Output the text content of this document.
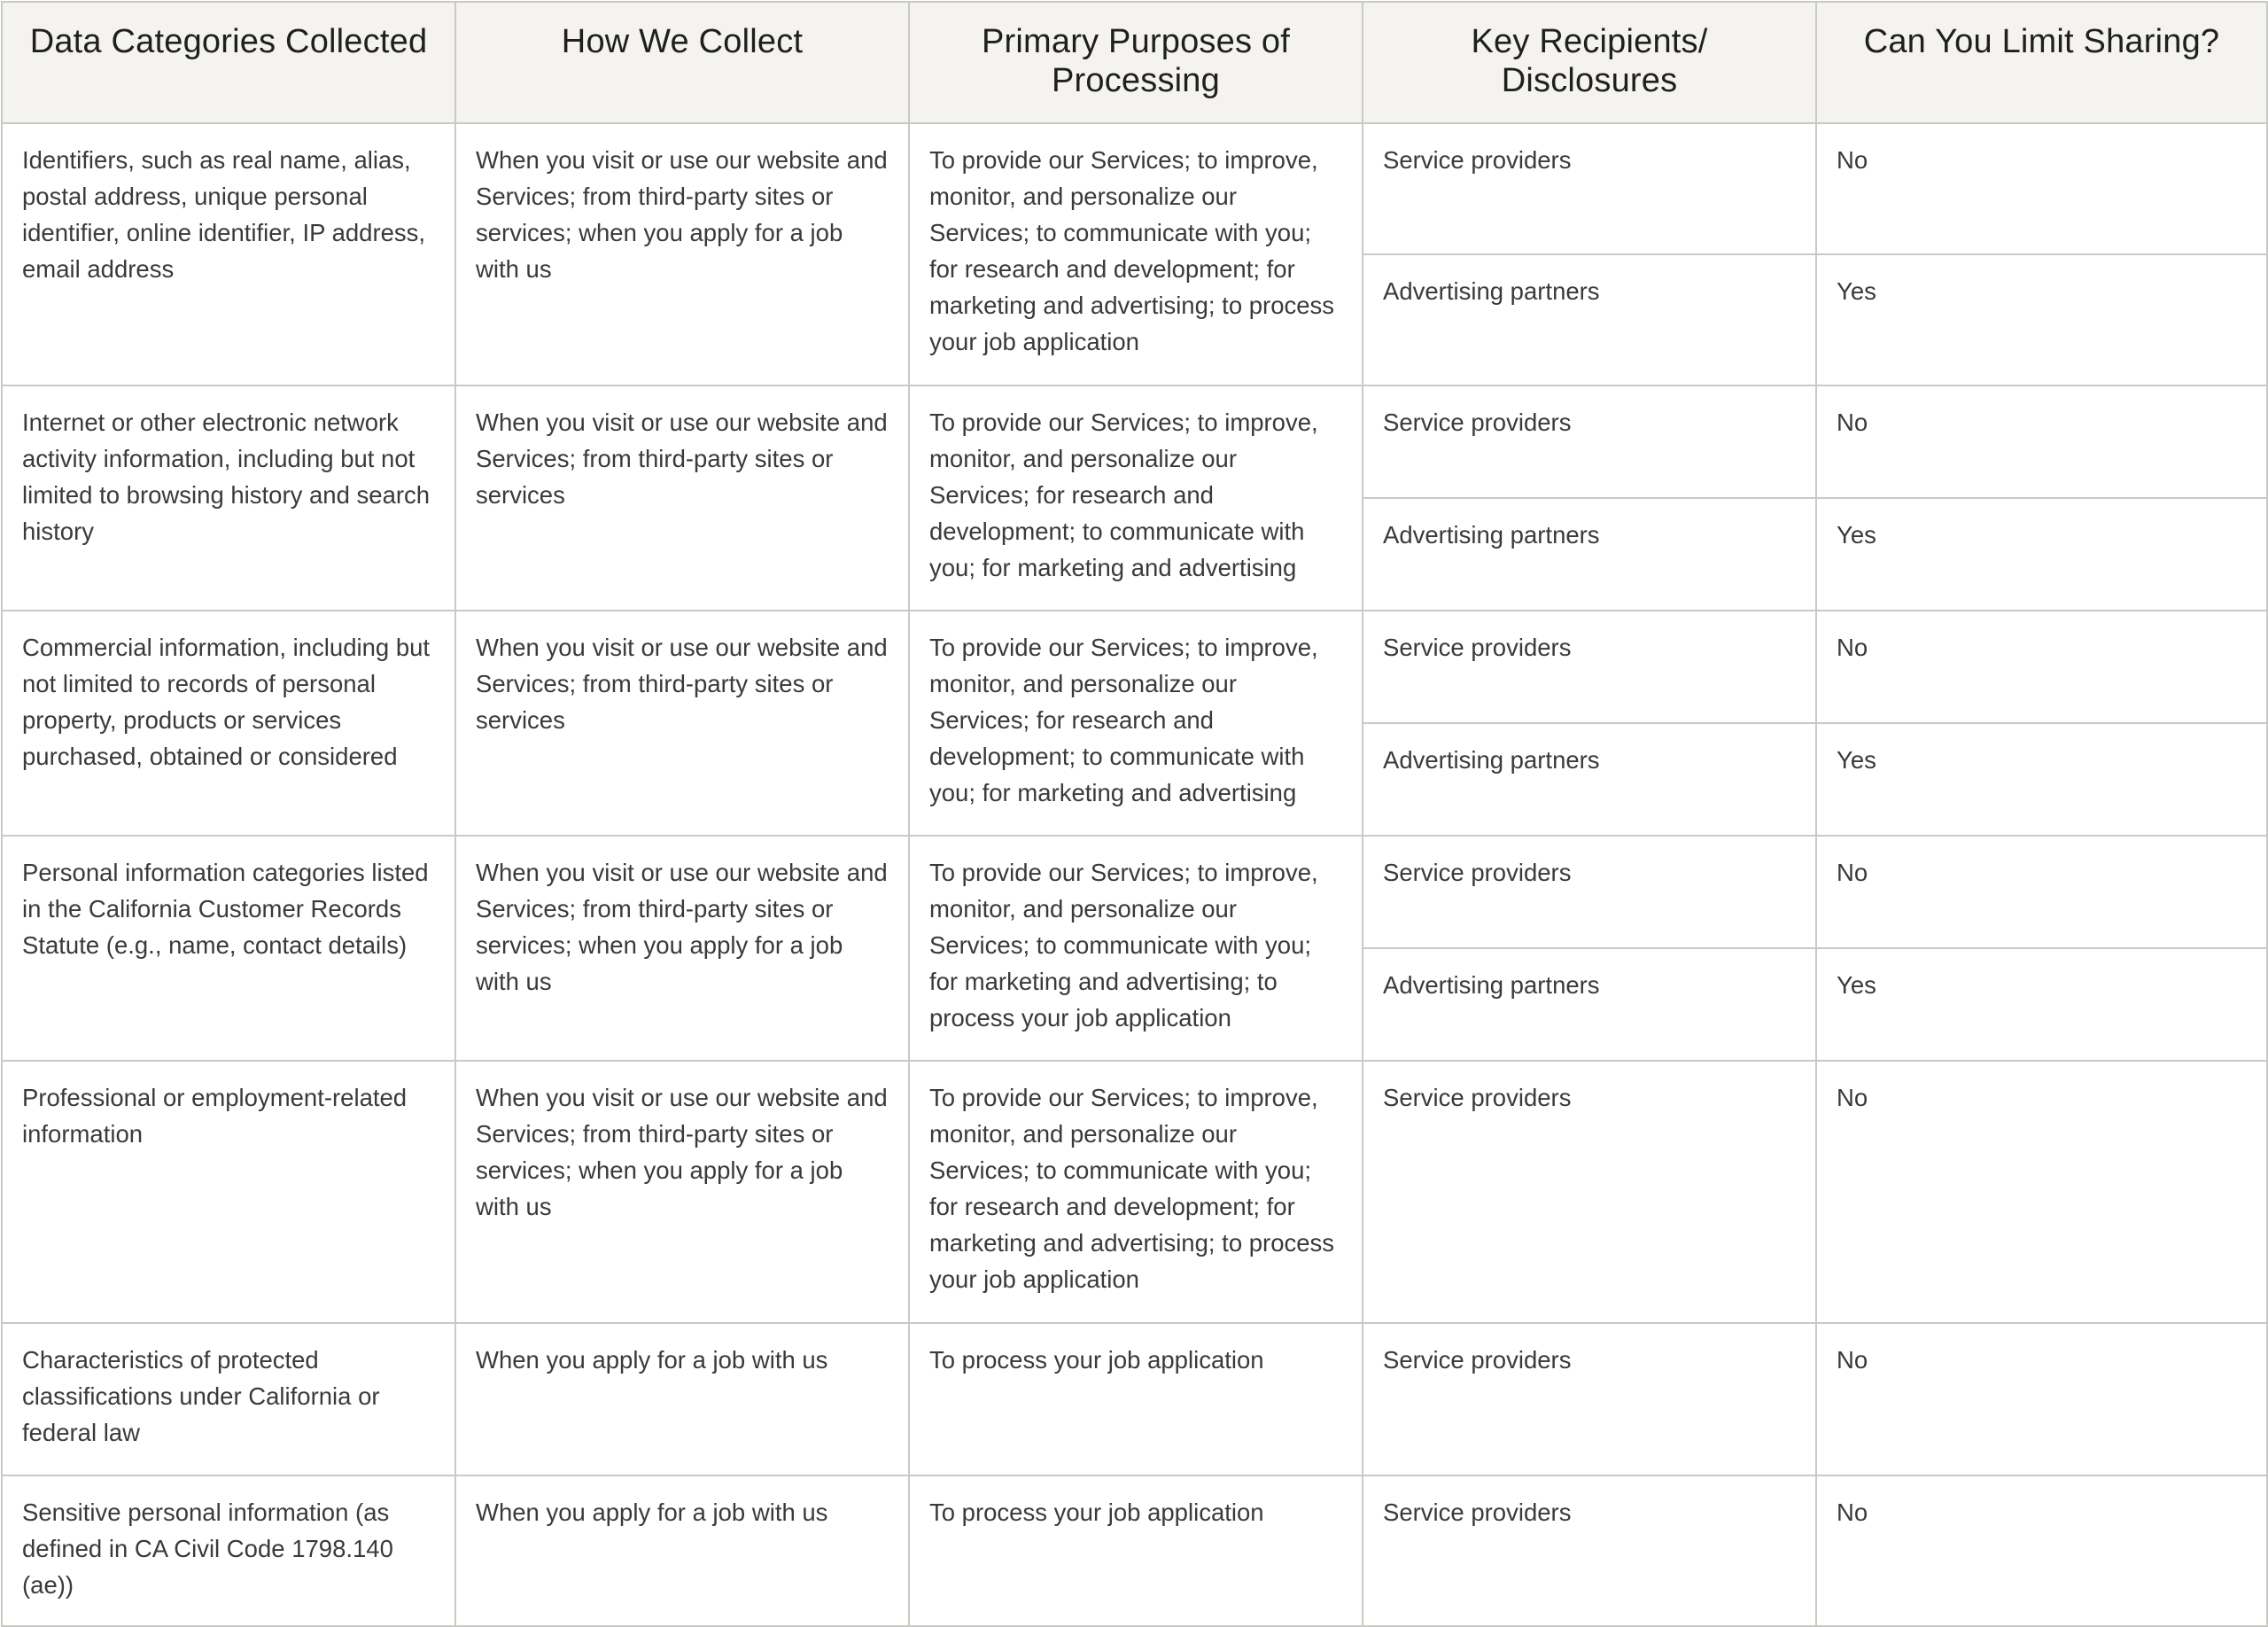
Data Categories Collected	How We Collect	Primary Purposes of Processing	Key Recipients/ Disclosures	Can You Limit Sharing?
Identifiers, such as real name, alias, postal address, unique personal identifier, online identifier, IP address, email address	When you visit or use our website and Services; from third-party sites or services; when you apply for a job with us	To provide our Services; to improve, monitor, and personalize our Services; to communicate with you; for research and development; for marketing and advertising; to process your job application	Service providers	No
			Advertising partners	Yes
Internet or other electronic network activity information, including but not limited to browsing history and search history	When you visit or use our website and Services; from third-party sites or services	To provide our Services; to improve, monitor, and personalize our Services; for research and development; to communicate with you; for marketing and advertising	Service providers	No
			Advertising partners	Yes
Commercial information, including but not limited to records of personal property, products or services purchased, obtained or considered	When you visit or use our website and Services; from third-party sites or services	To provide our Services; to improve, monitor, and personalize our Services; for research and development; to communicate with you; for marketing and advertising	Service providers	No
			Advertising partners	Yes
Personal information categories listed in the California Customer Records Statute (e.g., name, contact details)	When you visit or use our website and Services; from third-party sites or services; when you apply for a job with us	To provide our Services; to improve, monitor, and personalize our Services; to communicate with you; for marketing and advertising; to process your job application	Service providers	No
			Advertising partners	Yes
Professional or employment-related information	When you visit or use our website and Services; from third-party sites or services; when you apply for a job with us	To provide our Services; to improve, monitor, and personalize our Services; to communicate with you; for research and development; for marketing and advertising; to process your job application	Service providers	No
Characteristics of protected classifications under California or federal law	When you apply for a job with us	To process your job application	Service providers	No
Sensitive personal information (as defined in CA Civil Code 1798.140 (ae))	When you apply for a job with us	To process your job application	Service providers	No
